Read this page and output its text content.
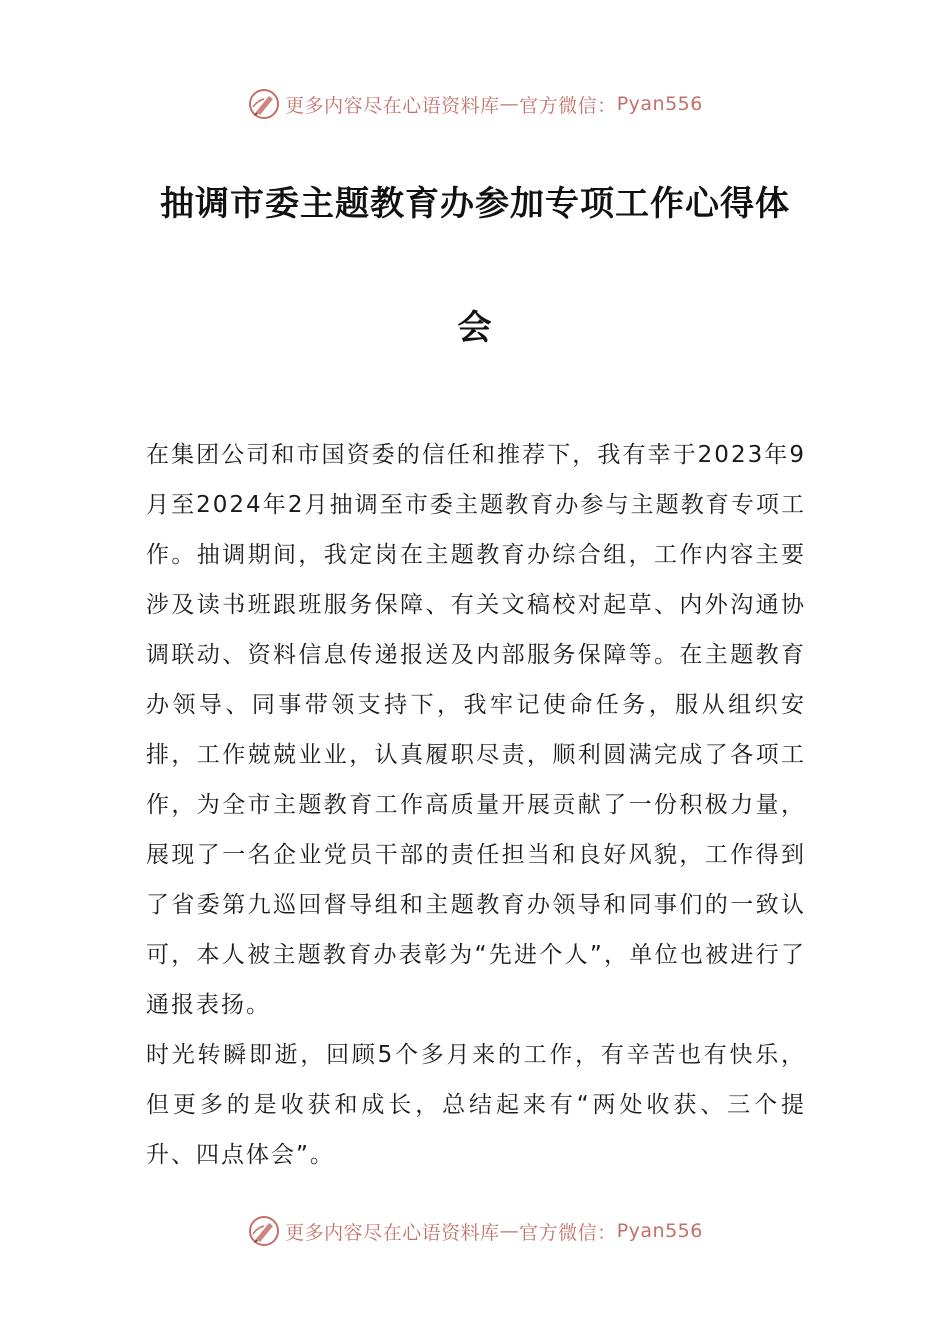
更多内容尽在心语资料库 — 官方微信： Pyan556
抽调市委主题教育办参加专项工作心得体
会

在集团公司和市国资委的信任和推荐下，我有幸于2023年9月至2024年2月抽调至市委主题教育办参与主题教育专项工作。抽调期间，我定岗在主题教育办综合组，工作内容主要涉及读书班跟班服务保障、有关文稿校对起草、内外沟通协调联动、资料信息传递报送及内部服务保障等。在主题教育办领导、同事带领支持下，我牢记使命任务，服从组织安排，工作兢兢业业，认真履职尽责，顺利圆满完成了各项工作，为全市主题教育工作高质量开展贡献了一份积极力量，展现了一名企业党员干部的责任担当和良好风貌，工作得到了省委第九巡回督导组和主题教育办领导和同事们的一致认可，本人被主题教育办表彰为“先进个人”，单位也被进行了通报表扬。

时光转瞬即逝，回顾5个多月来的工作，有辛苦也有快乐，但更多的是收获和成长，总结起来有“两处收获、三个提升、四点体会”。

更多内容尽在心语资料库 — 官方微信： Pyan556
